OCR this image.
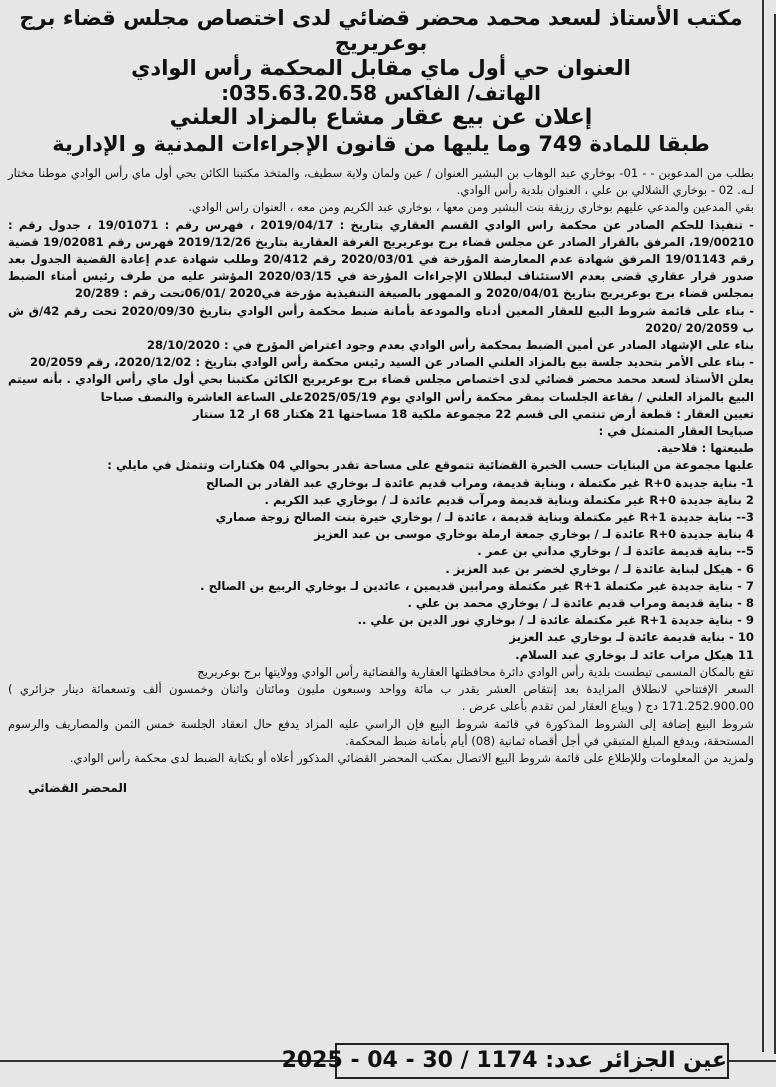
مكتب الأستاذ لسعد محمد محضر قضائي لدى اختصاص مجلس قضاء برج بوعريريج
العنوان حي أول ماي مقابل المحكمة رأس الوادي
الهاتف/ الفاكس 035.63.20.58:
إعلان عن بيع عقار مشاع بالمزاد العلني
طبقا للمادة 749 وما يليها من قانون الإجراءات المدنية و الإدارية

بطلب من المدعوين - - 01- بوخاري عبد الوهاب بن البشير العنوان / عين ولمان ولاية سطيف، والمتخذ مكتبنا الكائن بحي أول ماي رأس الوادي موطنا مختار لـه. 02 - بوخاري الشلالي بن علي ، العنوان بلدية رأس الوادي.

بقي المدعين والمدعي عليهم بوخاري رزيقة بنت البشير ومن معها ، بوخاري عبد الكريم ومن معه ، العنوان راس الوادي.

- تنفيذا للحكم الصادر عن محكمة راس الوادي القسم العقاري بتاريخ : 2019/04/17 ، فهرس رقم : 19/01071 ، جدول رقم : 19/00210، المرفق بالقرار الصادر عن مجلس قضاء برج بوعريريج الغرفة العقارية بتاريخ 2019/12/26 فهرس رقم 19/02081 قضية رقم 19/01143 المرفق شهادة عدم المعارضة المؤرخة في 2020/03/01 رقم 20/412 وطلب شهادة عدم إعادة القضية الجدول بعد صدور قرار عقاري قضى بعدم الاستئناف لبطلان الإجراءات المؤرخة في 2020/03/15 المؤشر عليه من طرف رئيس أمناء الضبط بمجلس قضاء برج بوعريريج بتاريخ 2020/04/01 و الممهور بالصيغة التنفيذية مؤرخة في2020 /06/01تحت رقم : 20/289

- بناء على قائمة شروط البيع للعقار المعين أدناه والمودعة بأمانة ضبط محكمة رأس الوادي بتاريخ 2020/09/30 تحت رقم 42/ق ش ب 20/2059 /2020

بناء على الإشهاد الصادر عن أمين الضبط بمحكمة رأس الوادي بعدم وجود اعتراض المؤرخ في : 28/10/2020

- بناء على الأمر بتحديد جلسة بيع بالمزاد العلني الصادر عن السيد رئيس محكمة رأس الوادي بتاريخ : 2020/12/02، رقم 20/2059

يعلن الأستاذ لسعد محمد محضر قضائي لدى اختصاص مجلس قضاء برج بوعريريج الكائن مكتبنا بحي أول ماي رأس الوادي . بأنه سيتم البيع بالمزاد العلني / بقاعة الجلسات بمقر محكمة رأس الوادي يوم 2025/05/19على الساعة العاشرة والنصف صباحا

تعيين العقار : قطعة أرض تنتمي الى قسم 22 مجموعة ملكية 18 مساحتها 21 هكتار 68 ار 12 سنتار

صبايحا العقار المتمثل في :

طبيعتها : فلاحية.

عليها مجموعة من البنايات حسب الخبرة القضائية تتموقع على مساحة تقدر بحوالي 04 هكتارات وتتمثل في مايلي :

1- بناية جديدة R+0 غير مكتملة ، وبناية قديمة، ومراب قديم عائدة لـ بوخاري عبد القادر بن الصالح

2 بناية جديدة R+0 غير مكتملة وبناية قديمة ومرآب قديم عائدة لـ / بوخاري عبد الكريم .

3-- بناية جديدة R+1 غير مكتملة وبناية قديمة ، عائدة لـ / بوخاري خيرة بنت الصالح زوجة صماري

4 بناية جديدة R+0 عائدة لـ / بوخاري جمعة ارملة بوخاري موسى بن عبد العزيز

5-- بناية قديمة عائدة لـ / بوخاري مداني بن عمر .

6 - هيكل لبناية عائدة لـ / بوخاري لخضر بن عبد العزيز .

7 - بناية جديدة غير مكتملة R+1 غير مكتملة ومرابين قديمين ، عائدين لـ بوخاري الربيع بن الصالح .

8 - بناية قديمة ومراب قديم عائدة لـ / بوخاري محمد بن علي .

9 - بناية جديدة R+1 غير مكتملة عائدة لـ / بوخاري نور الدين بن علي ..

10 - بناية قديمة عائدة لـ بوخاري عبد العزيز

11 هيكل مراب عائد لـ بوخاري عبد السلام.

تقع بالمكان المسمى تيطست بلدية رأس الوادي دائرة محافظتها العقارية والقضائية رأس الوادي وولايتها برج بوعريريج

السعر الإفتتاحي لانطلاق المزايدة بعد إنتقاص العشر يقدر ب مائة وواحد وسبعون مليون ومائتان واثنان وخمسون ألف وتسعمائة دينار جزائري ) 171.252.900.00 دج ( ويباع العقار لمن تقدم بأعلى عرض .

شروط البيع إضافة إلى الشروط المذكورة في قائمة شروط البيع فإن الراسي عليه المزاد يدفع حال انعقاد الجلسة خمس الثمن والمصاريف والرسوم المستحقة، ويدفع المبلغ المتبقي في أجل أقصاه ثمانية (08) أيام بأمانة ضبط المحكمة.

ولمزيد من المعلومات وللإطلاع على قائمة شروط البيع الاتصال بمكتب المحضر القضائي المذكور أعلاه أو بكتابة الضبط لدى محكمة رأس الوادي.

المحضر القضائي
عين الجزائر عدد: 1174 / 30 - 04 - 2025
